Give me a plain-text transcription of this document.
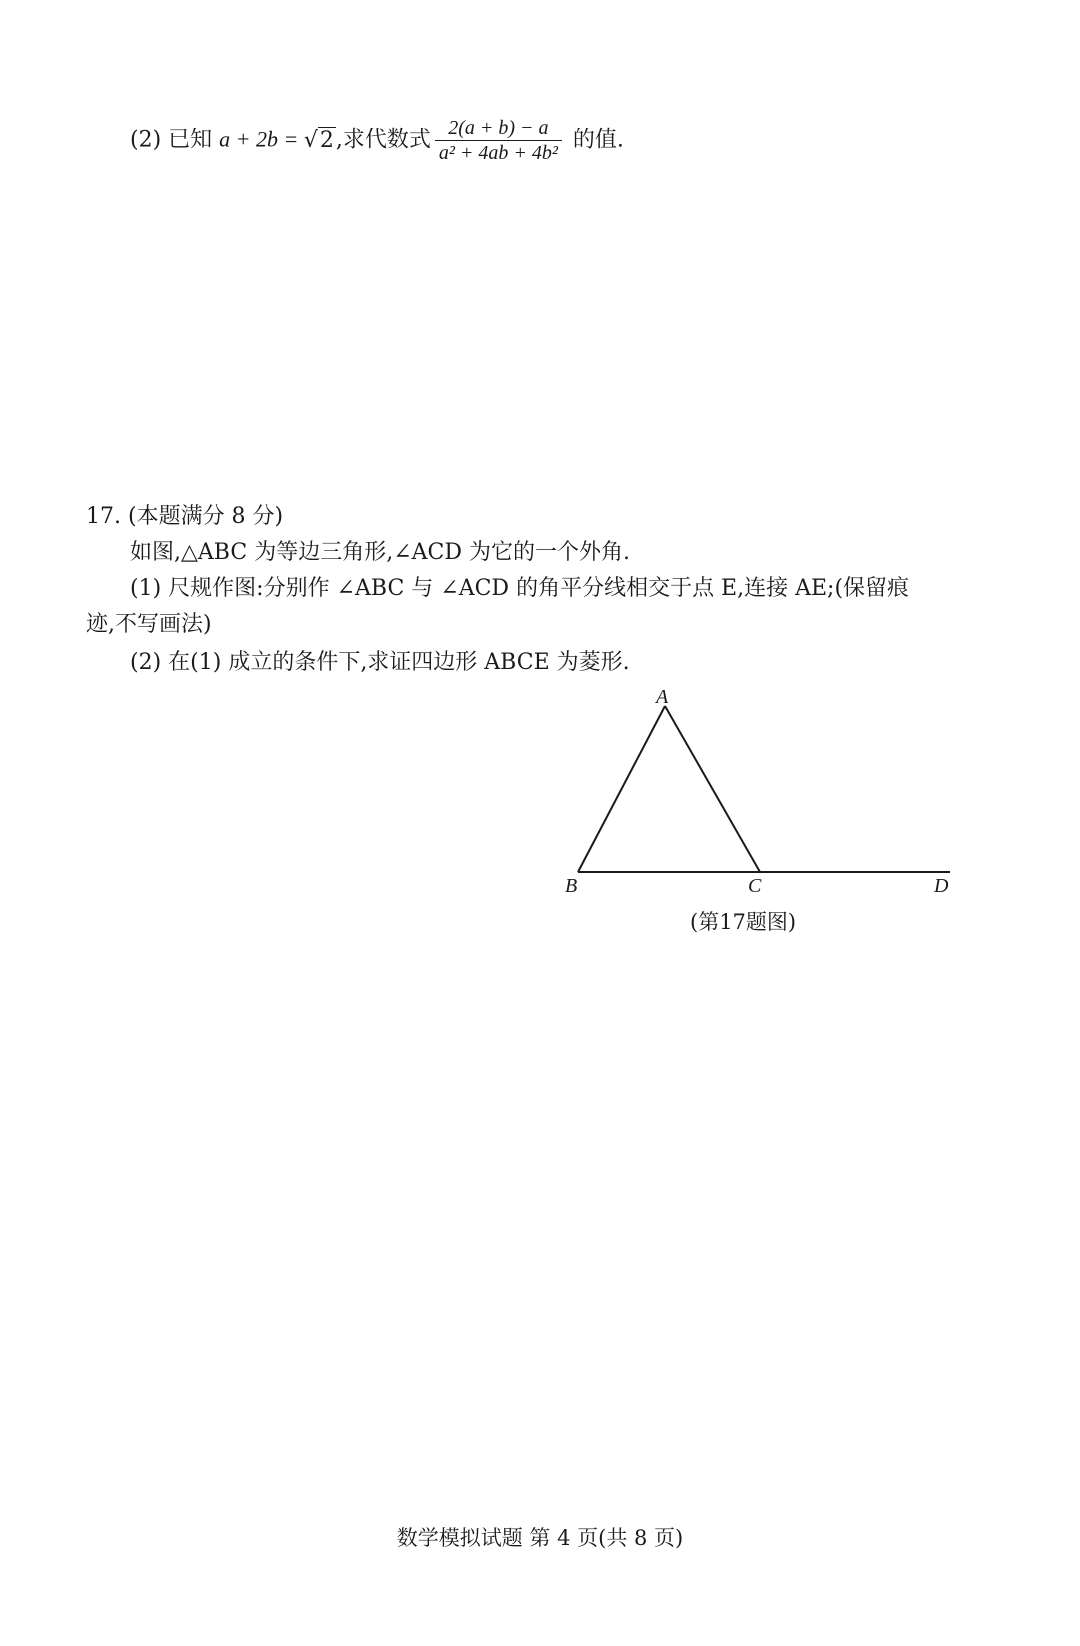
(2) 已知 a + 2b = √2,求代数式 $\frac{2(a + b) - a}{\text{a² + 4ab + 4b²}}$ 的值.
17. (本题满分 8 分)
如图,△ABC 为等边三角形,∠ACD 为它的一个外角.
(1) 尺规作图:分别作 ∠ABC 与 ∠ACD 的角平分线相交于点 E,连接 AE;(保留痕
迹,不写画法)
(2) 在(1) 成立的条件下,求证四边形 ABCE 为菱形.
A
B	C	D
(第17题图)
数学模拟试题 第 4 页(共 8 页)
